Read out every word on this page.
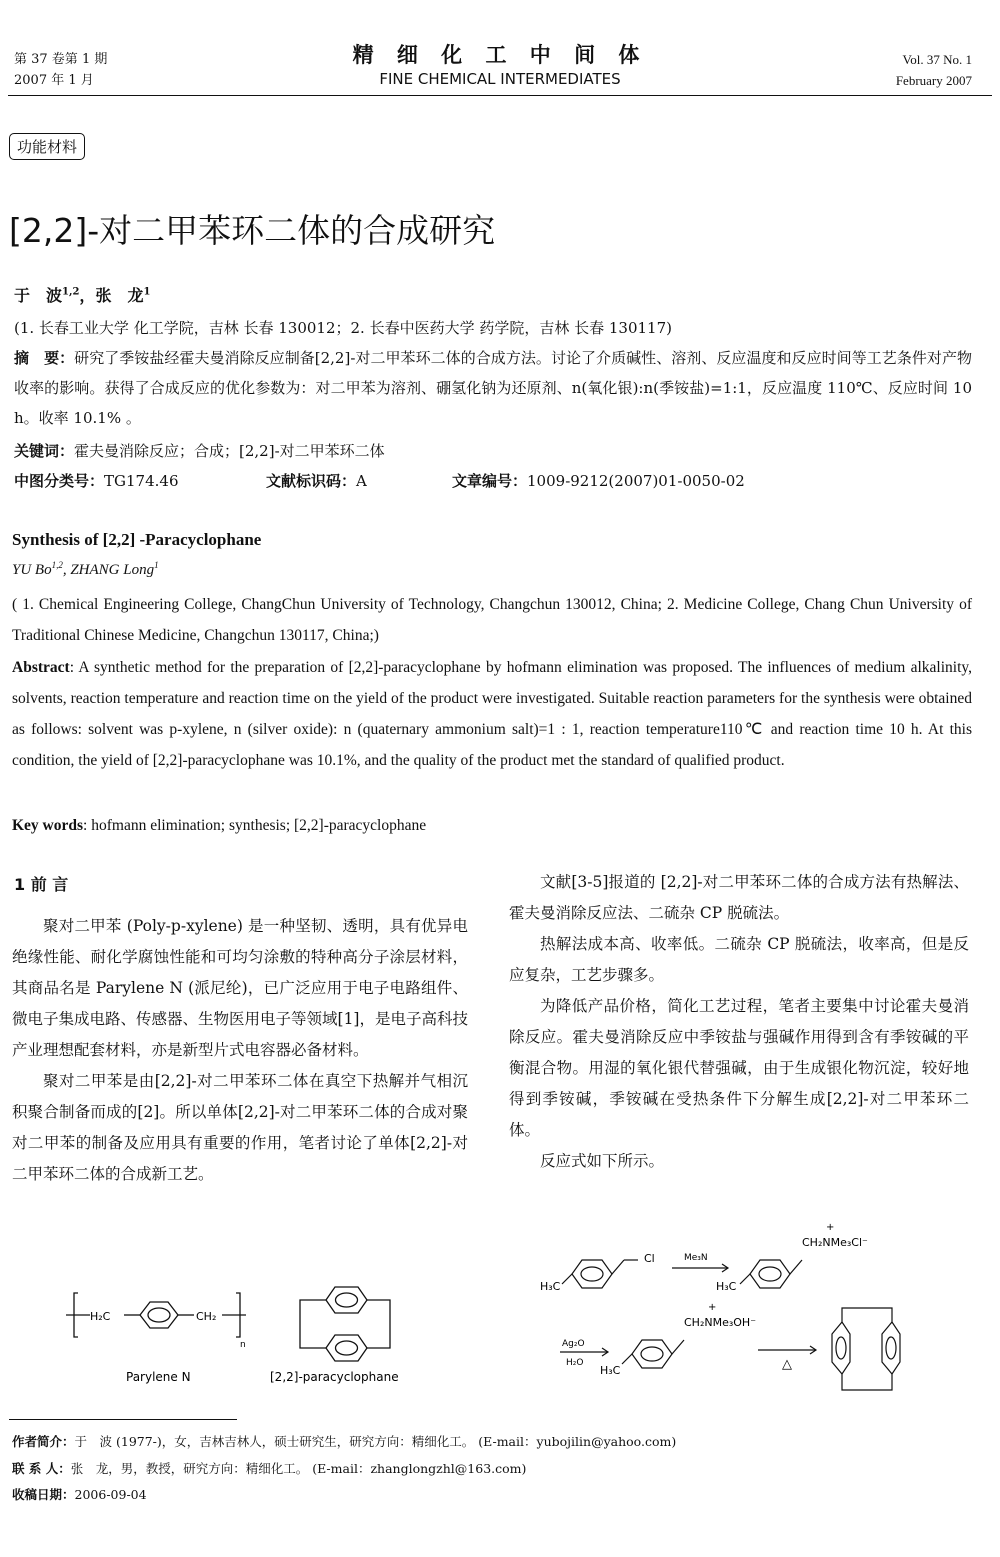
第 37 卷第 1 期
2007 年 1 月
精 细 化 工 中 间 体
FINE CHEMICAL INTERMEDIATES
Vol. 37 No. 1
February 2007
功能材料
[2,2]-对二甲苯环二体的合成研究
于　波$^{1,2}$，张　龙$^1$
(1. 长春工业大学 化工学院，吉林 长春 130012；2. 长春中医药大学 药学院，吉林 长春 130117)
摘　要：研究了季铵盐经霍夫曼消除反应制备[2,2]-对二甲苯环二体的合成方法。讨论了介质碱性、溶剂、反应温度和反应时间等工艺条件对产物收率的影响。获得了合成反应的优化参数为：对二甲苯为溶剂、硼氢化钠为还原剂、n(氧化银):n(季铵盐)=1:1，反应温度 110℃、反应时间 10 h。收率 10.1% 。
关键词：霍夫曼消除反应；合成；[2,2]-对二甲苯环二体
中图分类号：TG174.46	文献标识码：A	文章编号：1009-9212(2007)01-0050-02
Synthesis of [2,2] -Paracyclophane
YU Bo$^{1,2}$, ZHANG Long$^1$
( 1. Chemical Engineering College, ChangChun University of Technology, Changchun 130012, China; 2. Medicine College, Chang Chun University of Traditional Chinese Medicine, Changchun 130117, China;)
Abstract: A synthetic method for the preparation of [2,2]-paracyclophane by hofmann elimination was proposed. The influences of medium alkalinity, solvents, reaction temperature and reaction time on the yield of the product were investigated. Suitable reaction parameters for the synthesis were obtained as follows: solvent was p-xylene, n (silver oxide): n (quaternary ammonium salt)=1 : 1, reaction temperature110℃ and reaction time 10 h. At this condition, the yield of [2,2]-paracyclophane was 10.1%, and the quality of the product met the standard of qualified product.
Key words: hofmann elimination; synthesis; [2,2]-paracyclophane
1 前 言

聚对二甲苯 (Poly-p-xylene) 是一种坚韧、透明，具有优异电绝缘性能、耐化学腐蚀性能和可均匀涂敷的特种高分子涂层材料，其商品名是 Parylene N (派尼纶)，已广泛应用于电子电路组件、微电子集成电路、传感器、生物医用电子等领域[1]，是电子高科技产业理想配套材料，亦是新型片式电容器必备材料。

聚对二甲苯是由[2,2]-对二甲苯环二体在真空下热解并气相沉积聚合制备而成的[2]。所以单体[2,2]-对二甲苯环二体的合成对聚对二甲苯的制备及应用具有重要的作用，笔者讨论了单体[2,2]-对二甲苯环二体的合成新工艺。

文献[3-5]报道的 [2,2]-对二甲苯环二体的合成方法有热解法、霍夫曼消除反应法、二硫杂 CP 脱硫法。

热解法成本高、收率低。二硫杂 CP 脱硫法，收率高，但是反应复杂，工艺步骤多。

为降低产品价格，简化工艺过程，笔者主要集中讨论霍夫曼消除反应。霍夫曼消除反应中季铵盐与强碱作用得到含有季铵碱的平衡混合物。用湿的氧化银代替强碱，由于生成银化物沉淀，较好地得到季铵碱，季铵碱在受热条件下分解生成[2,2]-对二甲苯环二体。

反应式如下所示。

H₂C	CH₂
n
Parylene N	[2,2]-paracyclophane
Cl
H₃C
Me₃N
+
CH₂NMe₃Cl⁻
H₃C
Ag₂O
H₂O
+
CH₂NMe₃OH⁻
H₃C	△
作者简介：于　波 (1977-)，女，吉林吉林人，硕士研究生，研究方向：精细化工。 (E-mail：yubojilin@yahoo.com)
联 系 人：张　龙，男，教授，研究方向：精细化工。 (E-mail：zhanglongzhl@163.com)
收稿日期：2006-09-04
